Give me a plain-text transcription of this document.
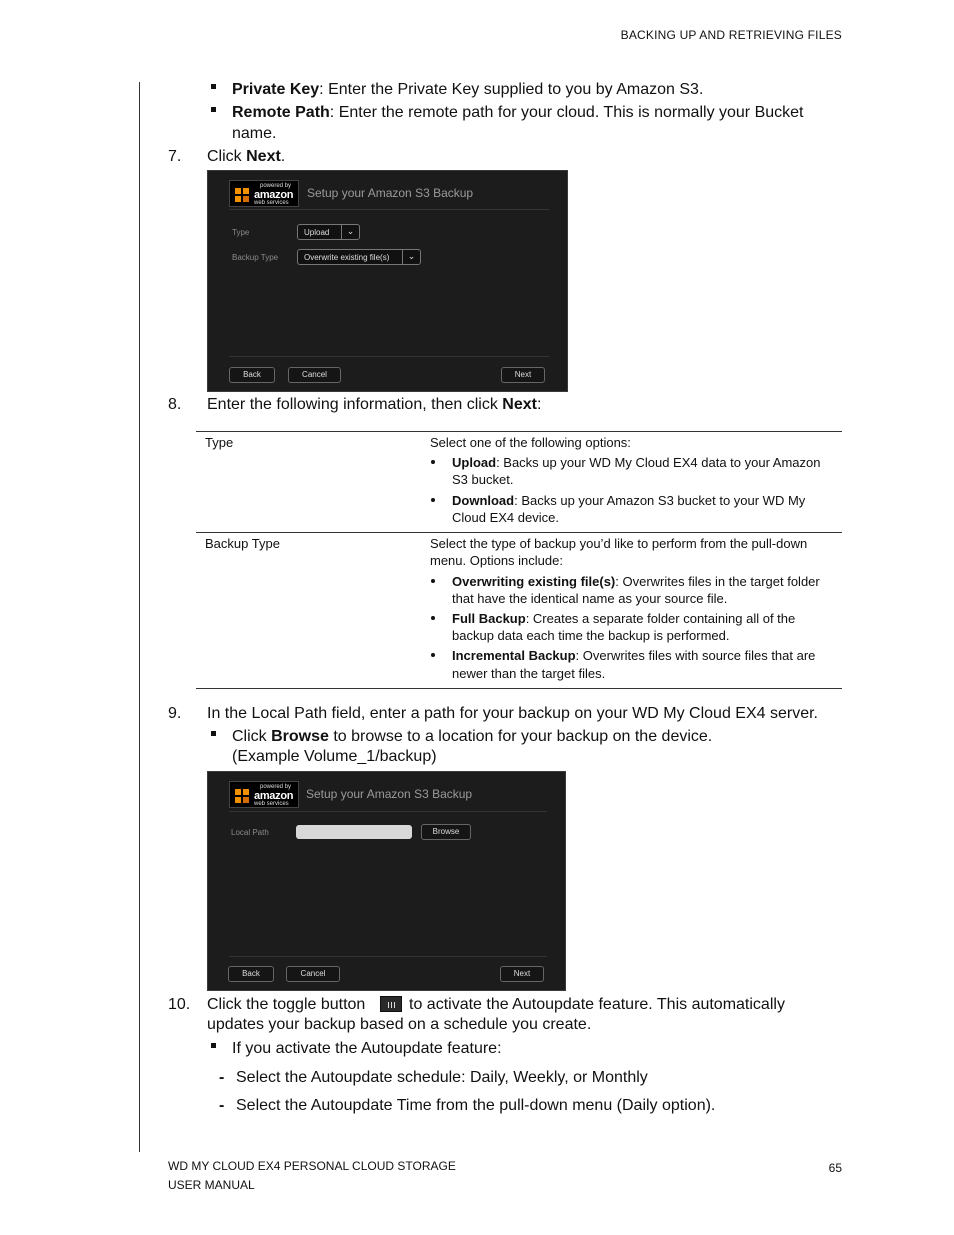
BACKING UP AND RETRIEVING FILES
Private Key: Enter the Private Key supplied to you by Amazon S3.
Remote Path: Enter the remote path for your cloud. This is normally your Bucket
name.
7. Click Next.
powered by
amazon
web services
Setup your Amazon S3 Backup
Type	Upload	⌄
Backup Type	Overwrite existing file(s)	⌄
Back	Cancel	Next
8. Enter the following information, then click Next:
Type	Select one of the following options:
Upload: Backs up your WD My Cloud EX4 data to your Amazon
S3 bucket.
Download: Backs up your Amazon S3 bucket to your WD My
Cloud EX4 device.
Backup Type	Select the type of backup you’d like to perform from the pull-down
menu. Options include:
Overwriting existing file(s): Overwrites files in the target folder
that have the identical name as your source file.
Full Backup: Creates a separate folder containing all of the
backup data each time the backup is performed.
Incremental Backup: Overwrites files with source files that are
newer than the target files.
9. In the Local Path field, enter a path for your backup on your WD My Cloud EX4 server.
Click Browse to browse to a location for your backup on the device.
(Example Volume_1/backup)
powered by
amazon
web services
Setup your Amazon S3 Backup
Local Path	Browse
Back	Cancel	Next
10. Click the toggle button	to activate the Autoupdate feature. This automatically
updates your backup based on a schedule you create.
If you activate the Autoupdate feature:
- Select the Autoupdate schedule: Daily, Weekly, or Monthly
- Select the Autoupdate Time from the pull-down menu (Daily option).
WD MY CLOUD EX4 PERSONAL CLOUD STORAGE
USER MANUAL
65
